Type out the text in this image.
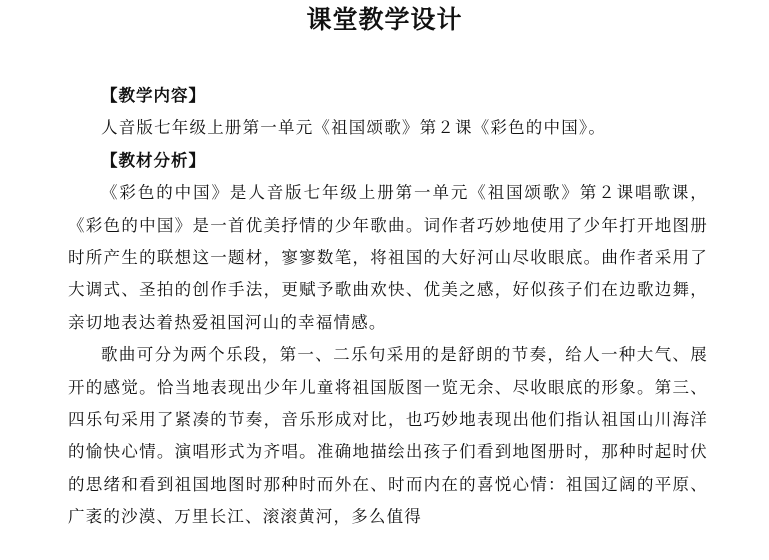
课堂教学设计

【教学内容】

人音版七年级上册第一单元《祖国颂歌》第２课《彩色的中国》。

【教材分析】

《彩色的中国》是人音版七年级上册第一单元《祖国颂歌》第２课唱歌课，《彩色的中国》是一首优美抒情的少年歌曲。词作者巧妙地使用了少年打开地图册时所产生的联想这一题材，寥寥数笔，将祖国的大好河山尽收眼底。曲作者采用了大调式、圣拍的创作手法，更赋予歌曲欢快、优美之感，好似孩子们在边歌边舞，亲切地表达着热爱祖国河山的幸福情感。

歌曲可分为两个乐段，第一、二乐句采用的是舒朗的节奏，给人一种大气、展开的感觉。恰当地表现出少年儿童将祖国版图一览无余、尽收眼底的形象。第三、四乐句采用了紧凑的节奏，音乐形成对比，也巧妙地表现出他们指认祖国山川海洋的愉快心情。演唱形式为齐唱。准确地描绘出孩子们看到地图册时，那种时起时伏的思绪和看到祖国地图时那种时而外在、时而内在的喜悦心情：祖国辽阔的平原、广袤的沙漠、万里长江、滚滚黄河，多么值得
